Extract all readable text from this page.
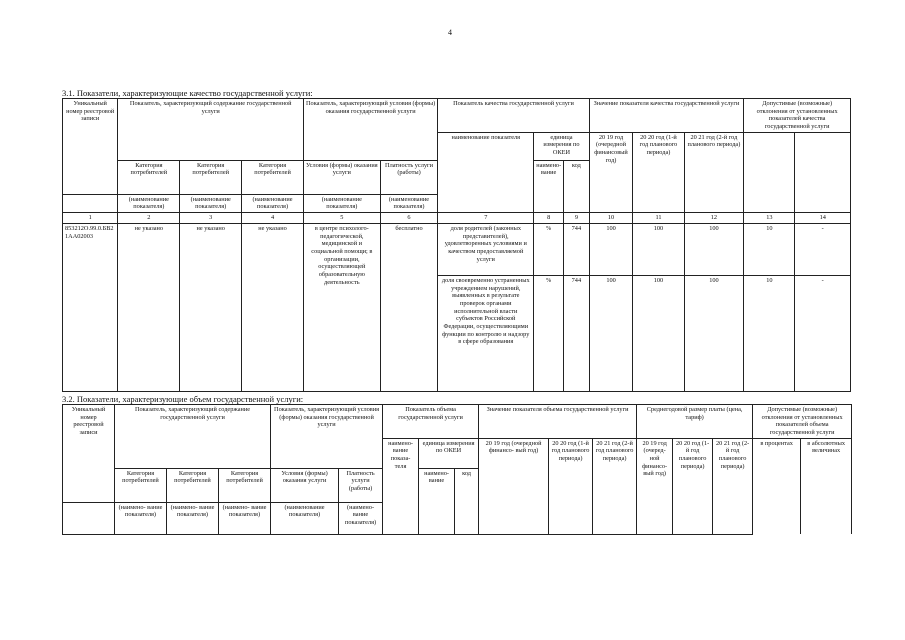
4
3.1. Показатели, характеризующие качество государственной услуги:
Уникальный номер реестровой записи	Показатель, характеризующий содержание государственной услуги			Показатель, характеризующий условия (формы) оказания государственной услуги		Показатель качества государственной услуги			Значение показателя качества государственной услуги			Допустимые (возможные) отклонения от установленных показателей качества государственной услуги	
						наименование показателя	единица измерения по ОКЕИ		20 19 год (очередной финансовый год)	20 20 год (1-й год планового периода)	20 21 год (2-й год планового периода)		
	Категория потребителей	Категория потребителей	Категория потребителей	Условия (формы) оказания услуги	Платность услуги (работы)		наимено- вание	код					
	(наименование показателя)	(наименование показателя)	(наименование показателя)	(наименование показателя)	(наименование показателя)								
1	2	3	4	5	6	7	8	9	10	11	12	13	14
853212О.99.0.БВ21АА02003	не указано	не указано	не указано	в центре психолого-педагогической, медицинской и социальной помощи; в организации, осуществляющей образовательную деятельность	бесплатно	доля родителей (законных представителей), удовлетворенных условиями и качеством предоставляемой услуги	%	744	100	100	100	10	-
						доля своевременно устраненных учреждением нарушений, выявленных в результате проверок органами исполнительной власти субъектов Российской Федерации, осуществляющими функции по контролю и надзору в сфере образования	%	744	100	100	100	10	-
3.2. Показатели, характеризующие объем государственной услуги:
Уникальный номер реестровой записи	Показатель, характеризующий содержание государственной услуги			Показатель, характеризующий условия (формы) оказания государственной услуги		Показатель объема государственной услуги			Значение показателя объема государственной услуги			Среднегодовой размер платы (цена, тариф)			Допустимые (возможные) отклонения от установленных показателей объема государственной услуги	
						наимено- вание показа- теля	единица измерения по ОКЕИ		20 19 год (очередной финансо- вый год)	20 20 год (1-й год планового периода)	20 21 год (2-й год планового периода)	20 19 год (очеред- ной финансо- вый год)	20 20 год (1-й год планового периода)	20 21 год (2-й год планового периода)	в процентах	в абсолютных величинах
	Категория потребителей	Категория потребителей	Категория потребителей	Условия (формы) оказания услуги	Платность услуги (работы)		наимено- вание	код								
	(наимено- вание показателя)	(наимено- вание показателя)	(наимено- вание показателя)	(наименование показателя)	(наимено- вание показателя)											
